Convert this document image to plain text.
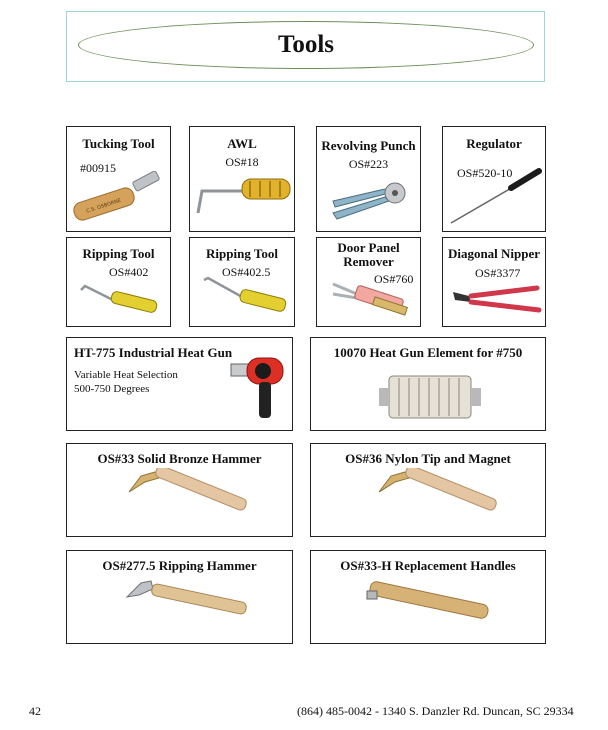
Tools
Tucking Tool
#00915
C.S. OSBORNE
AWL
OS#18
Revolving Punch
OS#223
Regulator
OS#520-10
Ripping Tool
OS#402
Ripping Tool
OS#402.5
Door Panel Remover
OS#760
Diagonal Nipper
OS#3377
HT-775 Industrial Heat Gun
Variable Heat Selection
500-750 Degrees
10070 Heat Gun Element for #750
OS#33 Solid Bronze Hammer	OS#36 Nylon Tip and Magnet
OS#277.5 Ripping Hammer	OS#33-H Replacement Handles
42	(864) 485-0042 - 1340 S. Danzler Rd. Duncan, SC 29334
